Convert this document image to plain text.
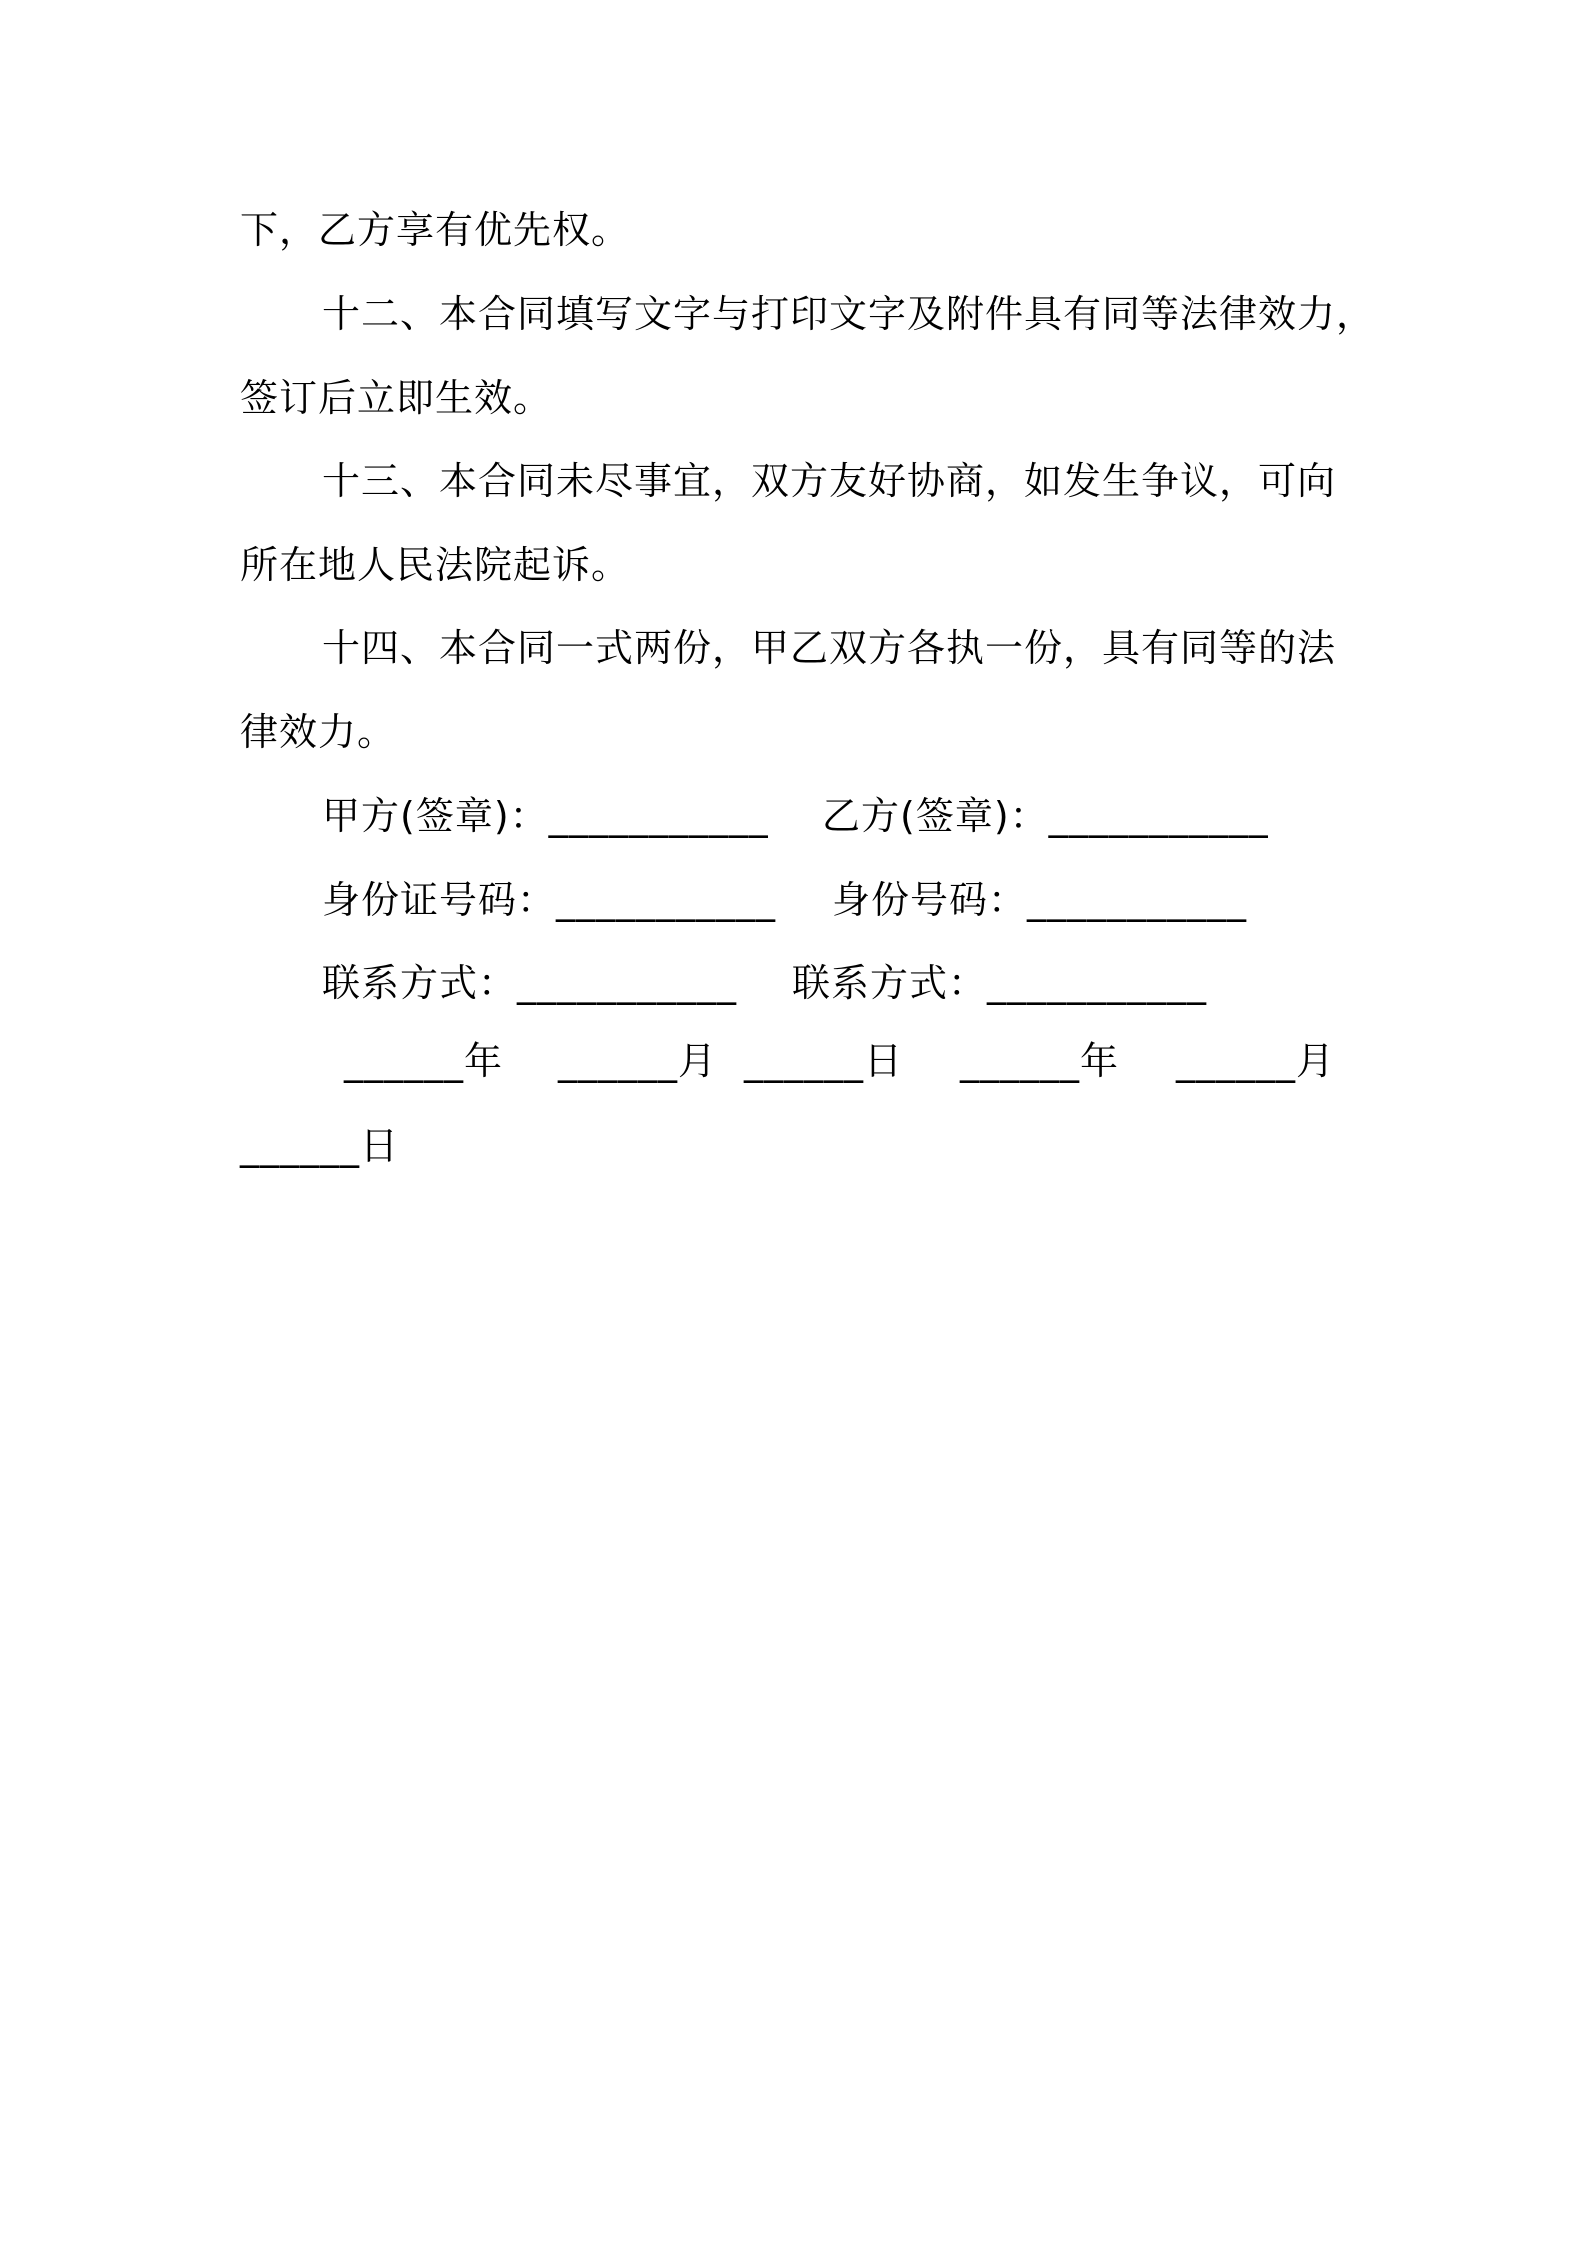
下，乙方享有优先权。
十二、本合同填写文字与打印文字及附件具有同等法律效力，
签订后立即生效。
十三、本合同未尽事宜，双方友好协商，如发生争议，可向
所在地人民法院起诉。
十四、本合同一式两份，甲乙双方各执一份，具有同等的法
律效力。
甲方(签章)：___________ 乙方(签章)：___________
身份证号码：___________ 身份号码：___________
联系方式：___________ 联系方式：___________
______年 ______月 ______日 ______年 ______月
______日
